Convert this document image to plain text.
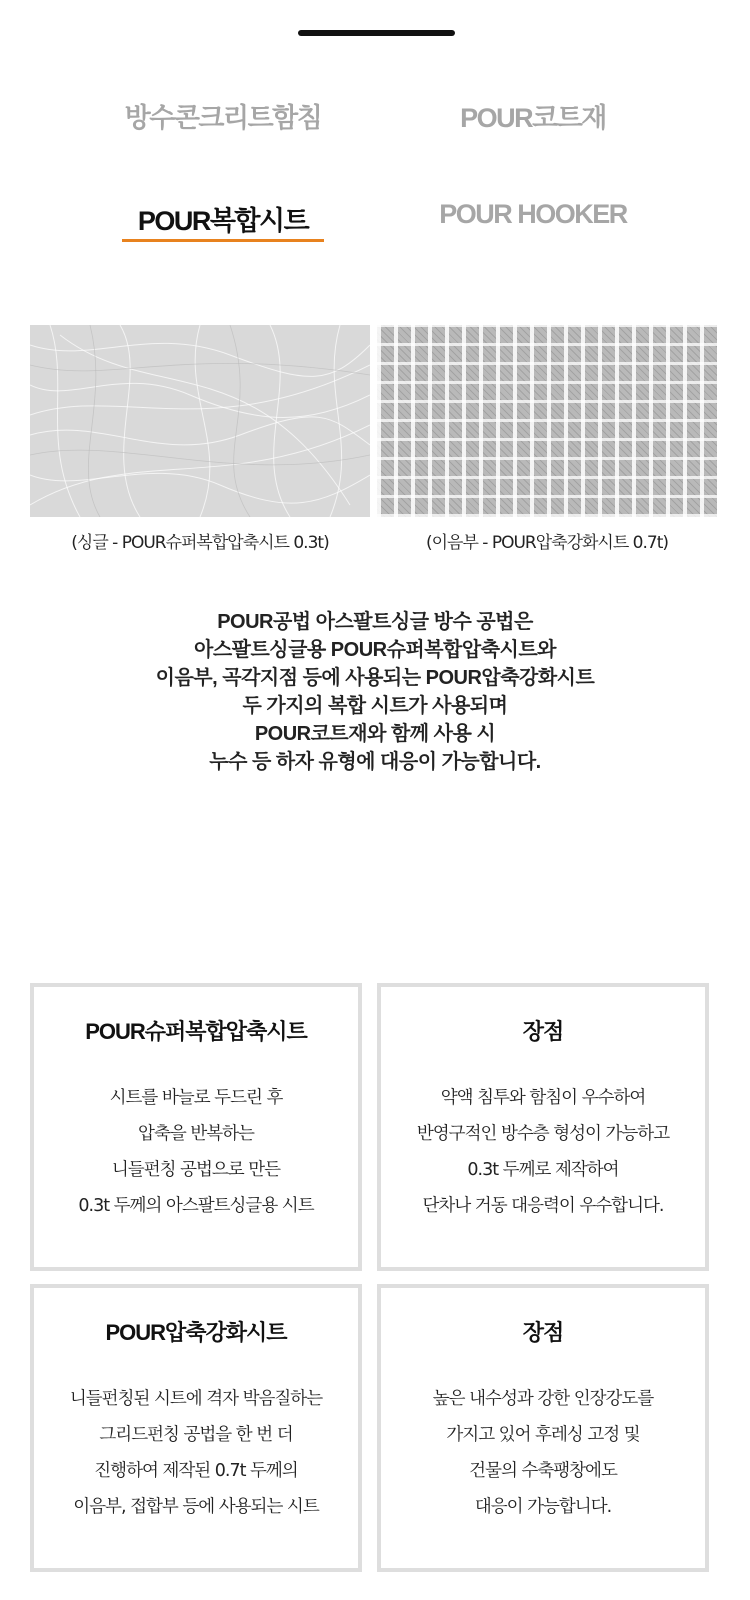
방수콘크리트함침	POUR코트재
POUR복합시트	POUR HOOKER
(싱글 - POUR슈퍼복합압축시트 0.3t)	(이음부 - POUR압축강화시트 0.7t)
POUR공법 아스팔트싱글 방수 공법은
아스팔트싱글용 POUR슈퍼복합압축시트와
이음부, 곡각지점 등에 사용되는 POUR압축강화시트
두 가지의 복합 시트가 사용되며
POUR코트재와 함께 사용 시
누수 등 하자 유형에 대응이 가능합니다.
POUR슈퍼복합압축시트
시트를 바늘로 두드린 후
압축을 반복하는
니들펀칭 공법으로 만든
0.3t 두께의 아스팔트싱글용 시트
장점
약액 침투와 함침이 우수하여
반영구적인 방수층 형성이 가능하고
0.3t 두께로 제작하여
단차나 거동 대응력이 우수합니다.
POUR압축강화시트
니들펀칭된 시트에 격자 박음질하는
그리드펀칭 공법을 한 번 더
진행하여 제작된 0.7t 두께의
이음부, 접합부 등에 사용되는 시트
장점
높은 내수성과 강한 인장강도를
가지고 있어 후레싱 고정 및
건물의 수축팽창에도
대응이 가능합니다.
